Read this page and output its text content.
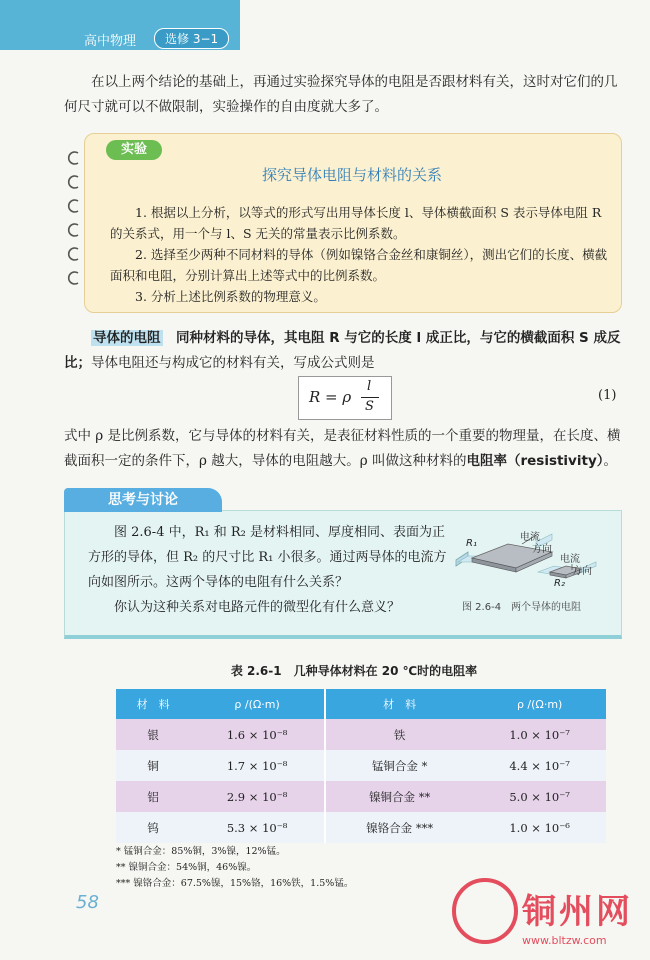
高中物理	选修 3−1
在以上两个结论的基础上，再通过实验探究导体的电阻是否跟材料有关，这时对它们的几何尺寸就可以不做限制，实验操作的自由度就大多了。
实验
探究导体电阻与材料的关系
1. 根据以上分析，以等式的形式写出用导体长度 l、导体横截面积 S 表示导体电阻 R 的关系式，用一个与 l、S 无关的常量表示比例系数。
2. 选择至少两种不同材料的导体（例如镍铬合金丝和康铜丝），测出它们的长度、横截面积和电阻，分别计算出上述等式中的比例系数。
3. 分析上述比例系数的物理意义。
导体的电阻　 同种材料的导体，其电阻 R 与它的长度 l 成正比，与它的横截面积 S 成反比；导体电阻还与构成它的材料有关，写成公式则是
R = ρ
l
S
(1)
式中 ρ 是比例系数，它与导体的材料有关，是表征材料性质的一个重要的物理量，在长度、横截面积一定的条件下，ρ 越大，导体的电阻越大。ρ 叫做这种材料的电阻率（resistivity）。
思考与讨论
图 2.6-4 中，R₁ 和 R₂ 是材料相同、厚度相同、表面为正方形的导体，但 R₂ 的尺寸比 R₁ 小很多。通过两导体的电流方向如图所示。这两个导体的电阻有什么关系？
你认为这种关系对电路元件的微型化有什么意义？
R₁
R₂
电流
方向
电流
方向
图 2.6-4　两个导体的电阻
表 2.6-1　几种导体材料在 20 ℃时的电阻率
材　料	ρ /(Ω·m)	材　料	ρ /(Ω·m)
银	1.6 × 10⁻⁸	铁	1.0 × 10⁻⁷
铜	1.7 × 10⁻⁸	锰铜合金 *	4.4 × 10⁻⁷
铝	2.9 × 10⁻⁸	镍铜合金 **	5.0 × 10⁻⁷
钨	5.3 × 10⁻⁸	镍铬合金 ***	1.0 × 10⁻⁶
* 锰铜合金：85%铜，3%镍，12%锰。
** 镍铜合金：54%铜，46%镍。
*** 镍铬合金：67.5%镍，15%铬，16%铁，1.5%锰。
58	铜州网
www.bltzw.com
